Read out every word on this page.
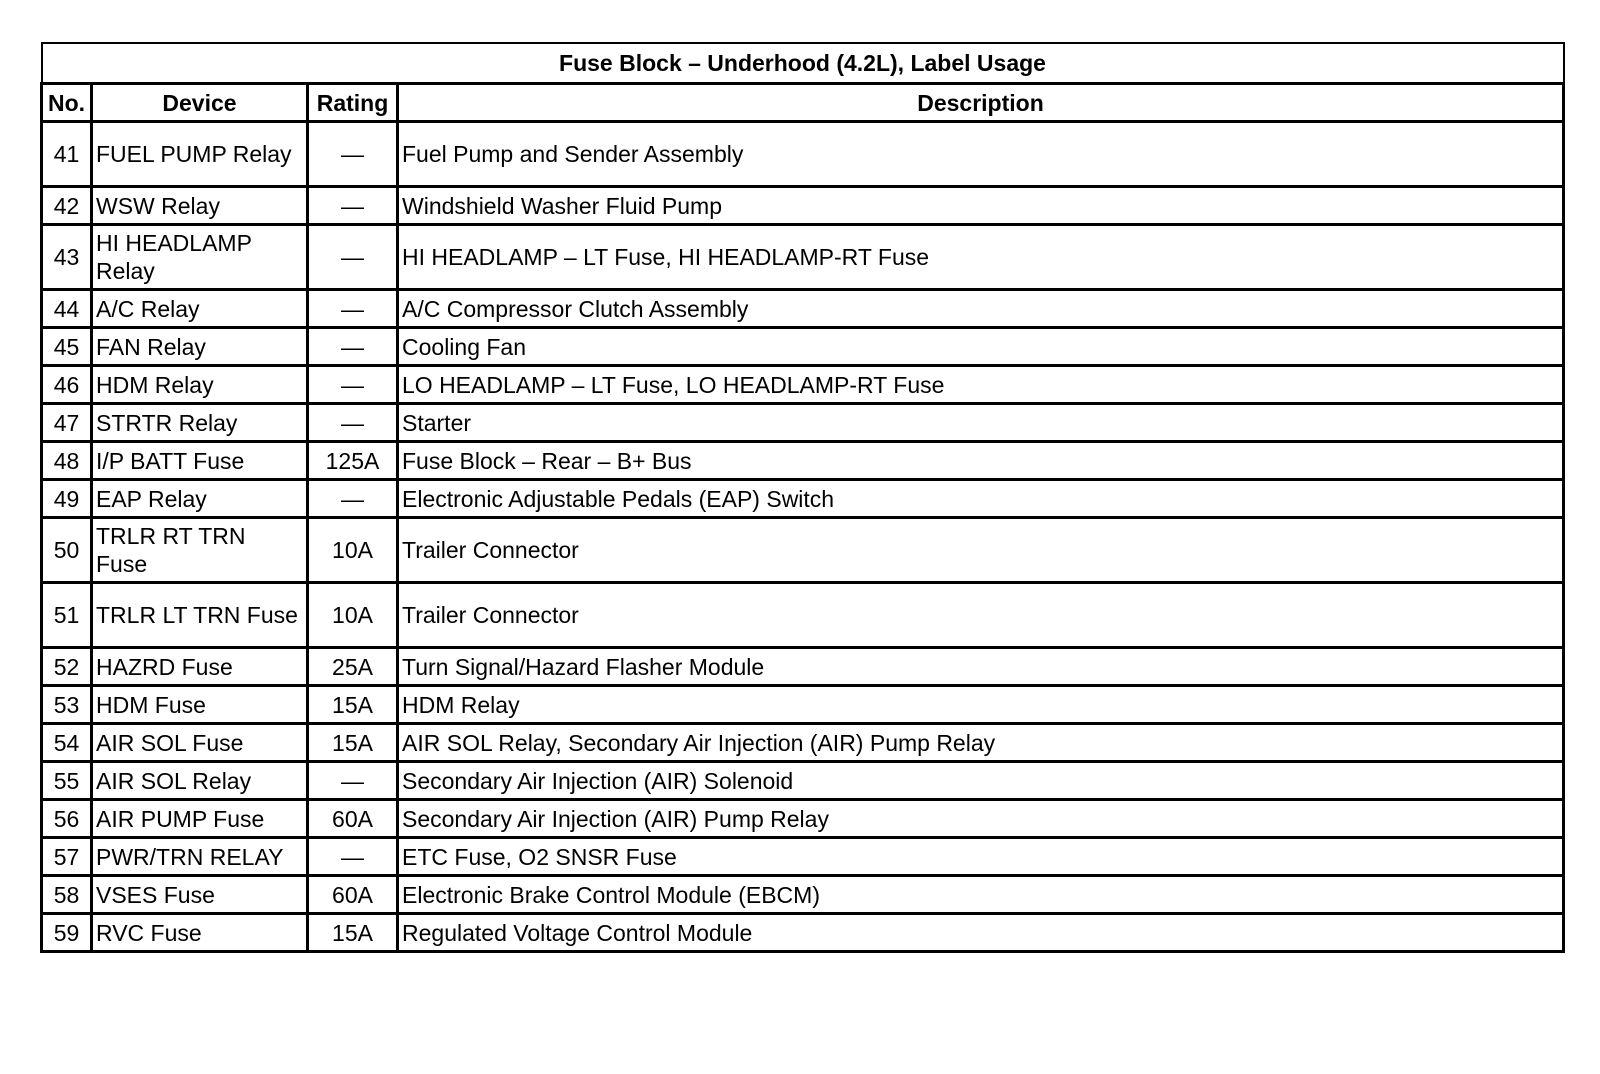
Fuse Block – Underhood (4.2L), Label Usage			
No.	Device	Rating	Description
41	FUEL PUMP Relay	—	Fuel Pump and Sender Assembly
42	WSW Relay	—	Windshield Washer Fluid Pump
43	HI HEADLAMP Relay	—	HI HEADLAMP – LT Fuse, HI HEADLAMP-RT Fuse
44	A/C Relay	—	A/C Compressor Clutch Assembly
45	FAN Relay	—	Cooling Fan
46	HDM Relay	—	LO HEADLAMP – LT Fuse, LO HEADLAMP-RT Fuse
47	STRTR Relay	—	Starter
48	I/P BATT Fuse	125A	Fuse Block – Rear – B+ Bus
49	EAP Relay	—	Electronic Adjustable Pedals (EAP) Switch
50	TRLR RT TRN Fuse	10A	Trailer Connector
51	TRLR LT TRN Fuse	10A	Trailer Connector
52	HAZRD Fuse	25A	Turn Signal/Hazard Flasher Module
53	HDM Fuse	15A	HDM Relay
54	AIR SOL Fuse	15A	AIR SOL Relay, Secondary Air Injection (AIR) Pump Relay
55	AIR SOL Relay	—	Secondary Air Injection (AIR) Solenoid
56	AIR PUMP Fuse	60A	Secondary Air Injection (AIR) Pump Relay
57	PWR/TRN RELAY	—	ETC Fuse, O2 SNSR Fuse
58	VSES Fuse	60A	Electronic Brake Control Module (EBCM)
59	RVC Fuse	15A	Regulated Voltage Control Module
